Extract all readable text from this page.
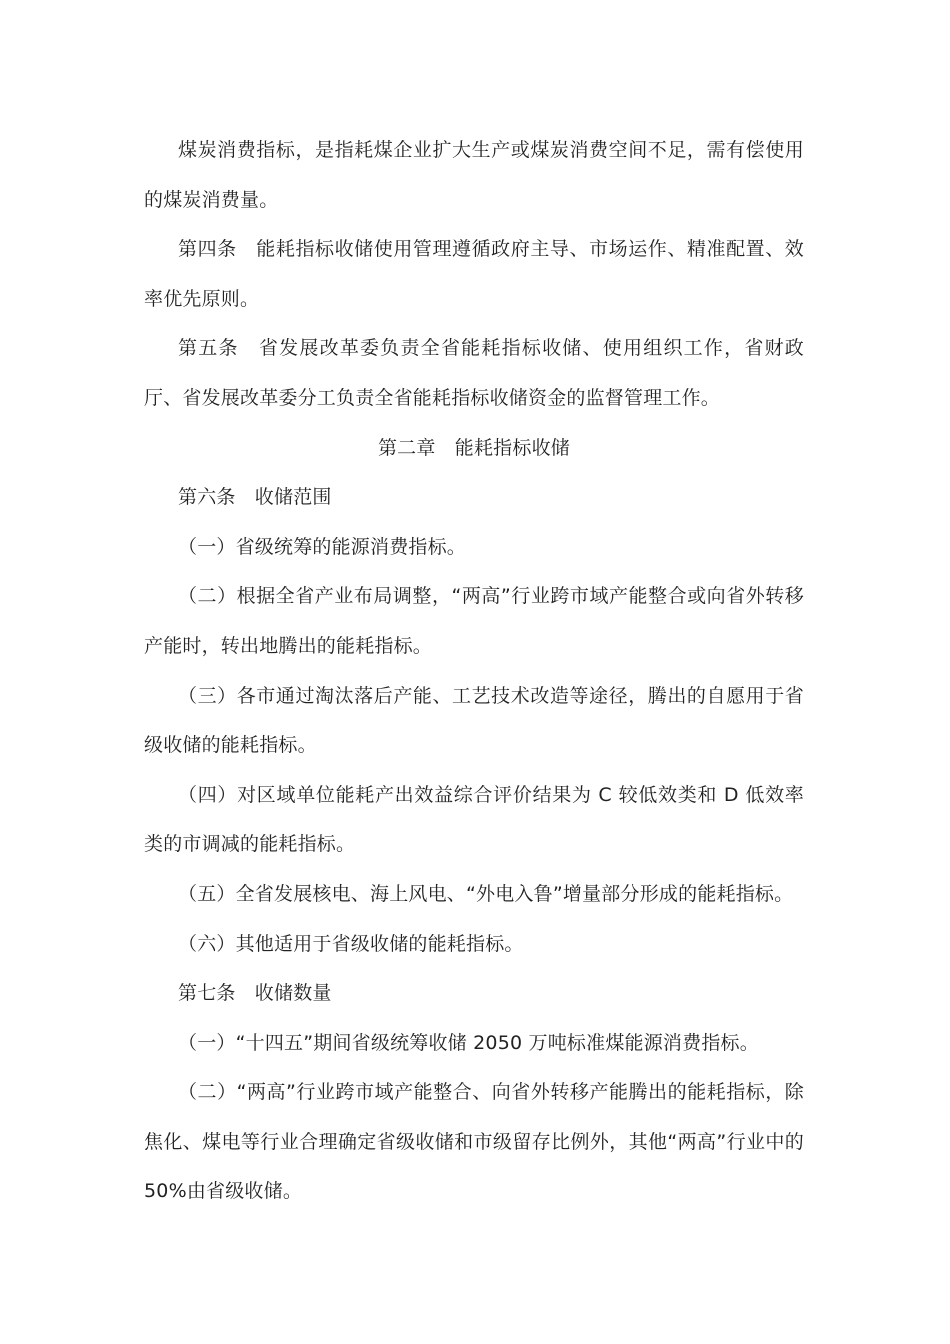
煤炭消费指标，是指耗煤企业扩大生产或煤炭消费空间不足，需有偿使用的煤炭消费量。

第四条　能耗指标收储使用管理遵循政府主导、市场运作、精准配置、效率优先原则。

第五条　省发展改革委负责全省能耗指标收储、使用组织工作，省财政厅、省发展改革委分工负责全省能耗指标收储资金的监督管理工作。

第二章　能耗指标收储

第六条　收储范围

（一）省级统筹的能源消费指标。

（二）根据全省产业布局调整，“两高”行业跨市域产能整合或向省外转移产能时，转出地腾出的能耗指标。

（三）各市通过淘汰落后产能、工艺技术改造等途径，腾出的自愿用于省级收储的能耗指标。

（四）对区域单位能耗产出效益综合评价结果为 C 较低效类和 D 低效率类的市调减的能耗指标。

（五）全省发展核电、海上风电、“外电入鲁”增量部分形成的能耗指标。

（六）其他适用于省级收储的能耗指标。

第七条　收储数量

（一）“十四五”期间省级统筹收储 2050 万吨标准煤能源消费指标。

（二）“两高”行业跨市域产能整合、向省外转移产能腾出的能耗指标，除焦化、煤电等行业合理确定省级收储和市级留存比例外，其他“两高”行业中的 50%由省级收储。
